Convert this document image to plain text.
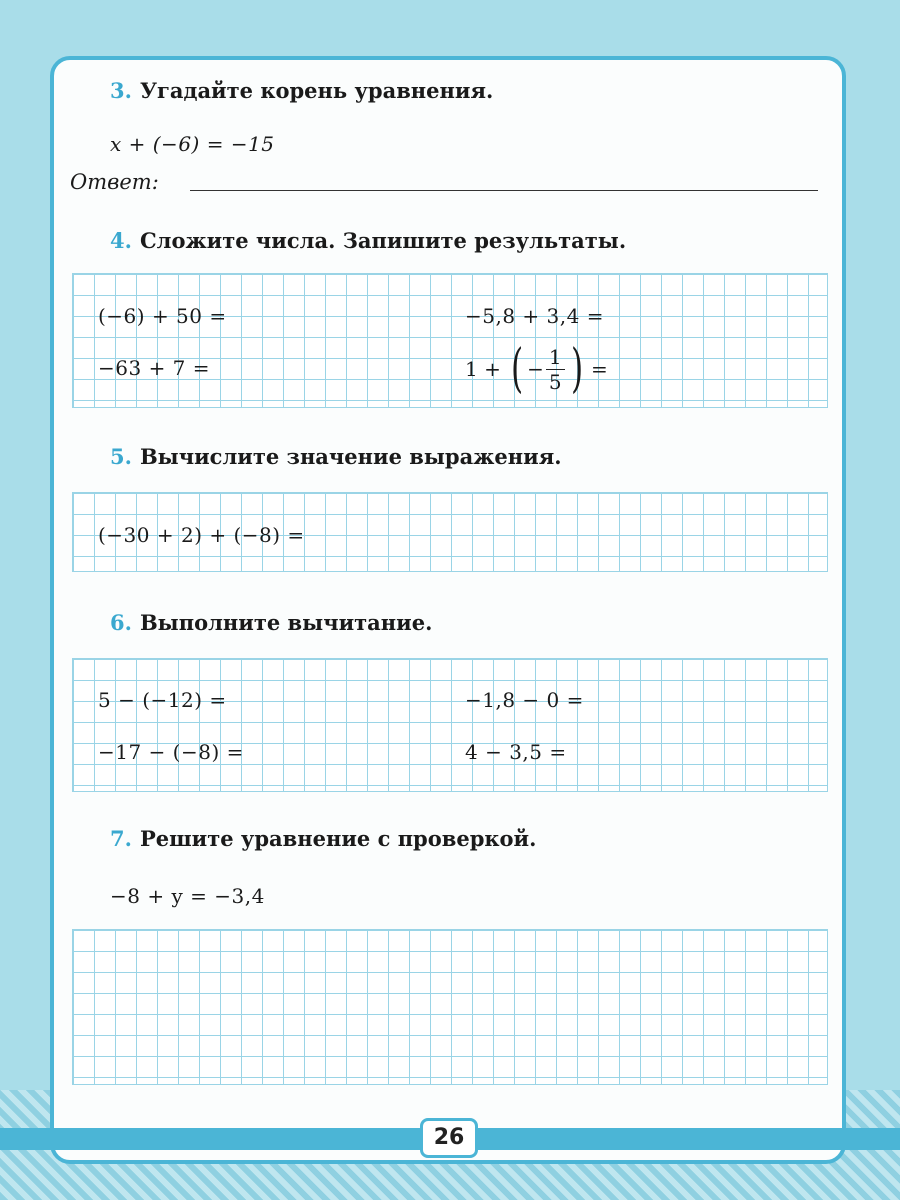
3. Угадайте корень уравнения.
x + (−6) = −15
Ответ:
4. Сложите числа. Запишите результаты.
(−6) + 50 =	−5,8 + 3,4 =
−63 + 7 =	1 + ( − $\frac{1}{5}$ ) =
5. Вычислите значение выражения.
(−30 + 2) + (−8) =
6. Выполните вычитание.
5 − (−12) =	−1,8 − 0 =
−17 − (−8) =	4 − 3,5 =
7. Решите уравнение с проверкой.
−8 + y = −3,4
26
